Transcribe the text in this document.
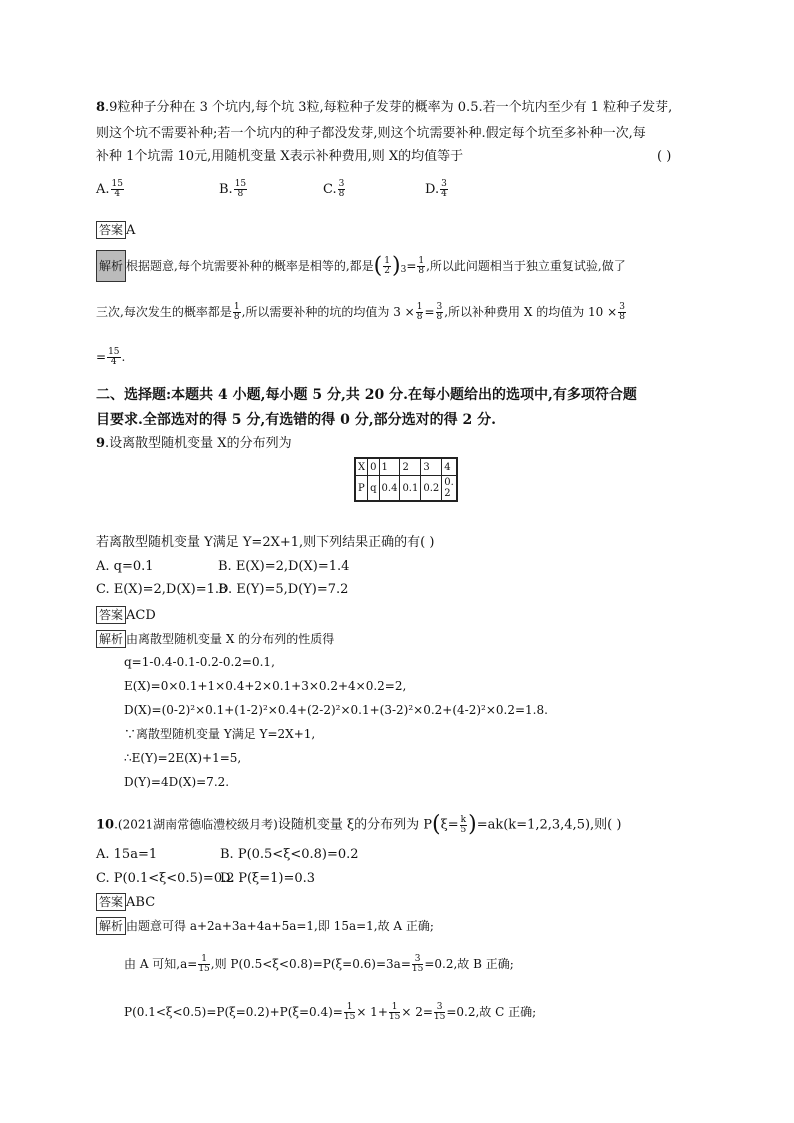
8.9粒种子分种在 3 个坑内,每个坑 3粒,每粒种子发芽的概率为 0.5.若一个坑内至少有 1 粒种子发芽,
则这个坑不需要补种;若一个坑内的种子都没发芽,则这个坑需要补种.假定每个坑至多补种一次,每
补种 1个坑需 10元,用随机变量 X表示补种费用,则 X的均值等于	( )
A. $\frac{15}{4}$	B. $\frac{15}{8}$	C. $\frac{3}{8}$	D. $\frac{3}{4}$
答案 A
解析 根据题意,每个坑需要补种的概率是相等的,都是( $\frac{1}{2} )3= \frac{1}{8}$ ,所以此问题相当于独立重复试验,做了
三次,每次发生的概率都是 $\frac{1}{8}$ ,所以需要补种的坑的均值为 $3 \times \frac{1}{8} = \frac{3}{8}$ ,所以补种费用 X 的均值为 $10 \times \frac{3}{8}$
= $\frac{15}{4}$ .
二、选择题:本题共 4 小题,每小题 5 分,共 20 分.在每小题给出的选项中,有多项符合题
目要求.全部选对的得 5 分,有选错的得 0 分,部分选对的得 2 分.
9.设离散型随机变量 X的分布列为
X	0	1	2	3	4
P	q	0.4	0.1	0.2	0.2
若离散型随机变量 Y满足 Y=2X+1,则下列结果正确的有( )
A. q=0.1	B. E(X)=2,D(X)=1.4
C. E(X)=2,D(X)=1.8
D. E(Y)=5,D(Y)=7.2
答案 ACD
解析 由离散型随机变量 X 的分布列的性质得
q=1-0.4-0.1-0.2-0.2=0.1,
E(X)=0×0.1+1×0.4+2×0.1+3×0.2+4×0.2=2,
D(X)=(0-2)²×0.1+(1-2)²×0.4+(2-2)²×0.1+(3-2)²×0.2+(4-2)²×0.2=1.8.
∵离散型随机变量 Y满足 Y=2X+1,
∴E(Y)=2E(X)+1=5,
D(Y)=4D(X)=7.2.
10.(2021湖南常德临澧校级月考)设随机变量 ξ的分布列为 $P(\xi= \frac{k}{5} )=ak(k=1,2,3,4,5)$,则( )
A. 15a=1	B. P(0.5<ξ<0.8)=0.2
C. P(0.1<ξ<0.5)=0.2
D. P(ξ=1)=0.3
答案 ABC
解析 由题意可得 a+2a+3a+4a+5a=1,即 15a=1,故 A 正确;
由 A 可知$,a= \frac{1}{15}$ ,则 $P(0.5<\xi<0.8)=P(\xi=0.6)=3a= \frac{3}{15} =0.2$,故 B 正确;
$P(0.1<\xi<0.5)=P(\xi=0.2)+P(\xi=0.4)= \frac{1}{15} \times 1+ \frac{1}{15} \times 2= \frac{3}{15} =0.2$,故 C 正确;
